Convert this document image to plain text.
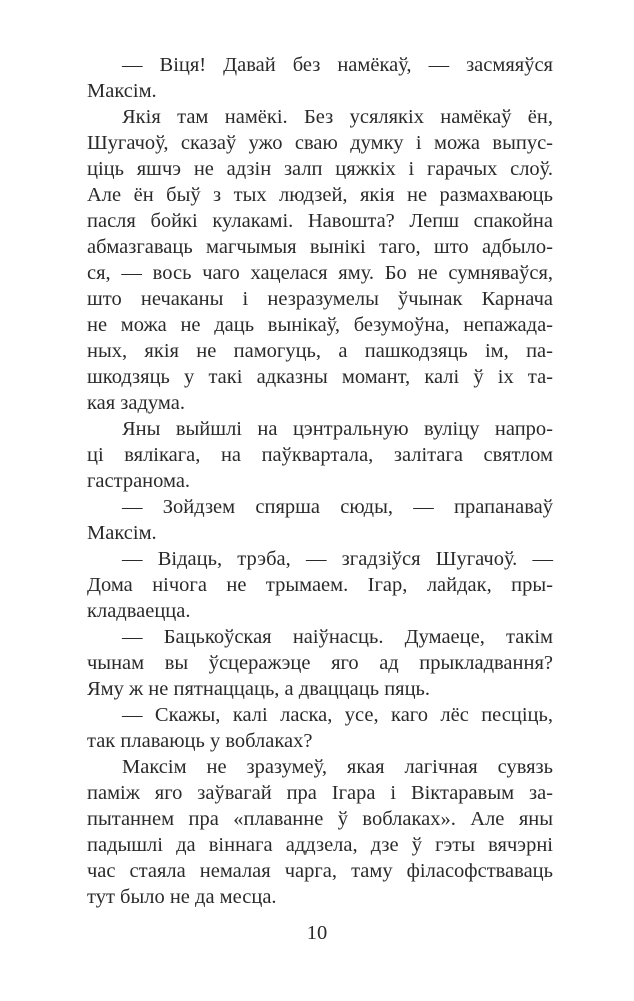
— Віця! Давай без намёкаў, — засмяяўся
Максім.
Якія там намёкі. Без усялякіх намёкаў ён,
Шугачоў, сказаў ужо сваю думку і можа выпус-
ціць яшчэ не адзін залп цяжкіх і гарачых слоў.
Але ён быў з тых людзей, якія не размахваюць
пасля бойкі кулакамі. Навошта? Лепш спакойна
абмазгаваць магчымыя вынікі таго, што адбыло-
ся, — вось чаго хацелася яму. Бо не сумняваўся,
што нечаканы і незразумелы ўчынак Карнача
не можа не даць вынікаў, безумоўна, непажада-
ных, якія не памогуць, а пашкодзяць ім, па-
шкодзяць у такі адказны момант, калі ў іх та-
кая задума.
Яны выйшлі на цэнтральную вуліцу напро-
ці вялікага, на паўквартала, залітага святлом
гастранома.
— Зойдзем спярша сюды, — прапанаваў
Максім.
— Відаць, трэба, — згадзіўся Шугачоў. —
Дома нічога не трымаем. Ігар, лайдак, пры-
кладваецца.
— Бацькоўская наіўнасць. Думаеце, такім
чынам вы ўсцеражэце яго ад прыкладвання?
Яму ж не пятнаццаць, а дваццаць пяць.
— Скажы, калі ласка, усе, каго лёс песціць,
так плаваюць у воблаках?
Максім не зразумеў, якая лагічная сувязь
паміж яго заўвагай пра Ігара і Віктаравым за-
пытаннем пра «плаванне ў воблаках». Але яны
падышлі да віннага аддзела, дзе ў гэты вячэрні
час стаяла немалая чарга, таму філасофстваваць
тут было не да месца.
10
